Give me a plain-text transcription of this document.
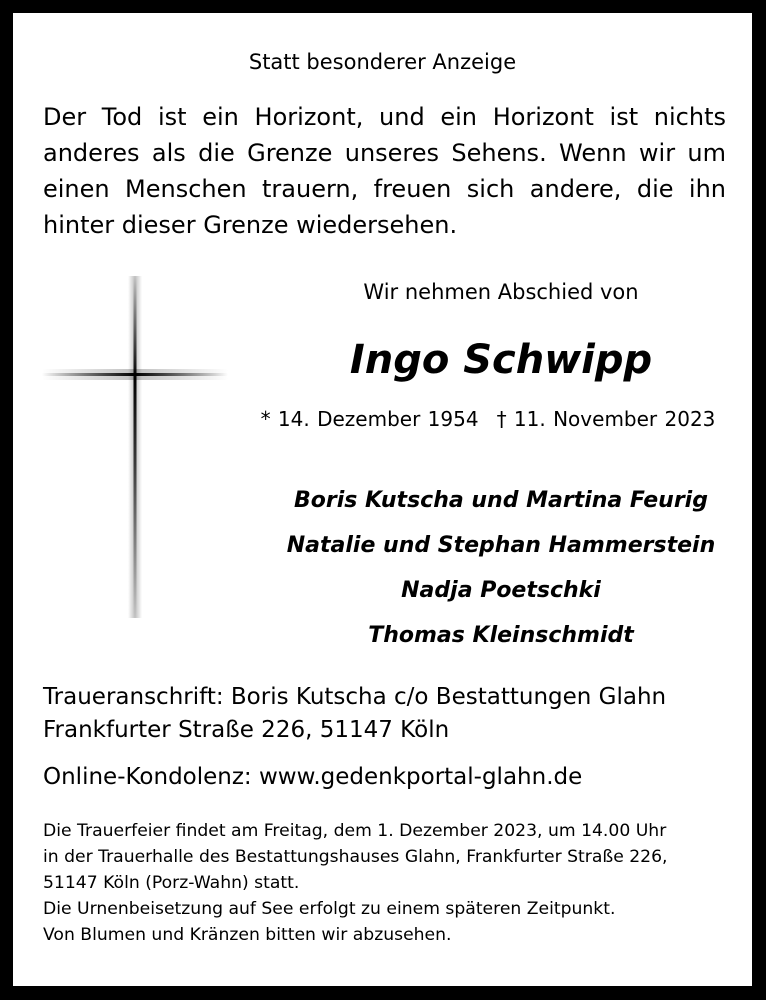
Statt besonderer Anzeige
Der Tod ist ein Horizont, und ein Horizont ist nichts anderes als die Grenze unseres Sehens. Wenn wir um einen Menschen trauern, freuen sich andere, die ihn hinter dieser Grenze wiedersehen.
Wir nehmen Abschied von
Ingo Schwipp
* 14. Dezember 1954 † 11. November 2023
Boris Kutscha und Martina Feurig
Natalie und Stephan Hammerstein
Nadja Poetschki
Thomas Kleinschmidt
Traueranschrift: Boris Kutscha c/o Bestattungen Glahn
Frankfurter Straße 226, 51147 Köln
Online-Kondolenz: www.gedenkportal-glahn.de
Die Trauerfeier findet am Freitag, dem 1. Dezember 2023, um 14.00 Uhr
in der Trauerhalle des Bestattungshauses Glahn, Frankfurter Straße 226,
51147 Köln (Porz-Wahn) statt.
Die Urnenbeisetzung auf See erfolgt zu einem späteren Zeitpunkt.
Von Blumen und Kränzen bitten wir abzusehen.
